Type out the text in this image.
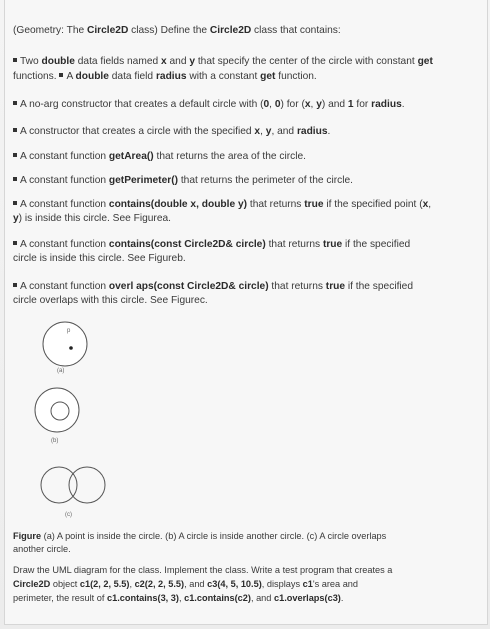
(Geometry: The Circle2D class) Define the Circle2D class that contains:
Two double data fields named x and y that specify the center of the circle with constant get
functions. A double data field radius with a constant get function.
A no-arg constructor that creates a default circle with (0, 0) for (x, y) and 1 for radius.
A constructor that creates a circle with the specified x, y, and radius.
A constant function getArea() that returns the area of the circle.
A constant function getPerimeter() that returns the perimeter of the circle.
A constant function contains(double x, double y) that returns true if the specified point (x,
y) is inside this circle. See Figurea.
A constant function contains(const Circle2D& circle) that returns true if the specified
circle is inside this circle. See Figureb.
A constant function overl aps(const Circle2D& circle) that returns true if the specified
circle overlaps with this circle. See Figurec.
p
(a)
(b)
(c)
Figure (a) A point is inside the circle. (b) A circle is inside another circle. (c) A circle overlaps
another circle.
Draw the UML diagram for the class. Implement the class. Write a test program that creates a
Circle2D object c1(2, 2, 5.5), c2(2, 2, 5.5), and c3(4, 5, 10.5), displays c1's area and
perimeter, the result of c1.contains(3, 3), c1.contains(c2), and c1.overlaps(c3).
